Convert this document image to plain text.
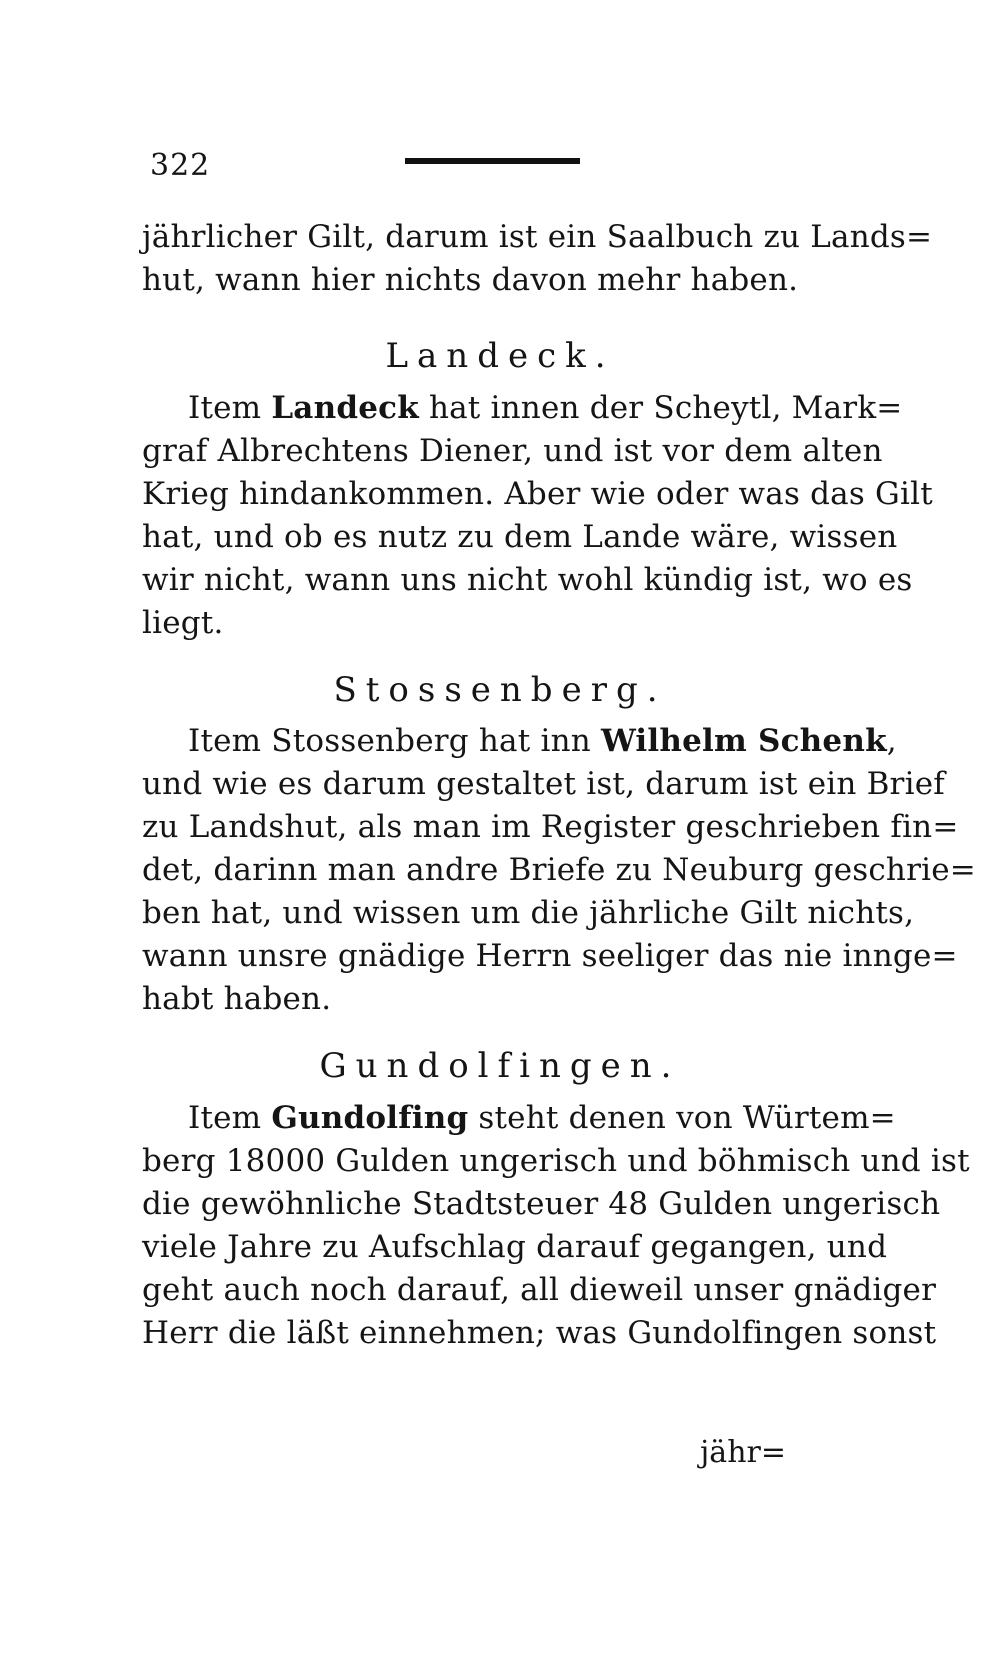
322
jährlicher Gilt, darum ist ein Saalbuch zu Lands=
hut, wann hier nichts davon mehr haben.
Landeck.
Item Landeck hat innen der Scheytl, Mark=
graf Albrechtens Diener, und ist vor dem alten
Krieg hindankommen. Aber wie oder was das Gilt
hat, und ob es nutz zu dem Lande wäre, wissen
wir nicht, wann uns nicht wohl kündig ist, wo es
liegt.
Stossenberg.
Item Stossenberg hat inn Wilhelm Schenk,
und wie es darum gestaltet ist, darum ist ein Brief
zu Landshut, als man im Register geschrieben fin=
det, darinn man andre Briefe zu Neuburg geschrie=
ben hat, und wissen um die jährliche Gilt nichts,
wann unsre gnädige Herrn seeliger das nie innge=
habt haben.
Gundolfingen.
Item Gundolfing steht denen von Würtem=
berg 18000 Gulden ungerisch und böhmisch und ist
die gewöhnliche Stadtsteuer 48 Gulden ungerisch
viele Jahre zu Aufschlag darauf gegangen, und
geht auch noch darauf, all dieweil unser gnädiger
Herr die läßt einnehmen; was Gundolfingen sonst
jähr=
